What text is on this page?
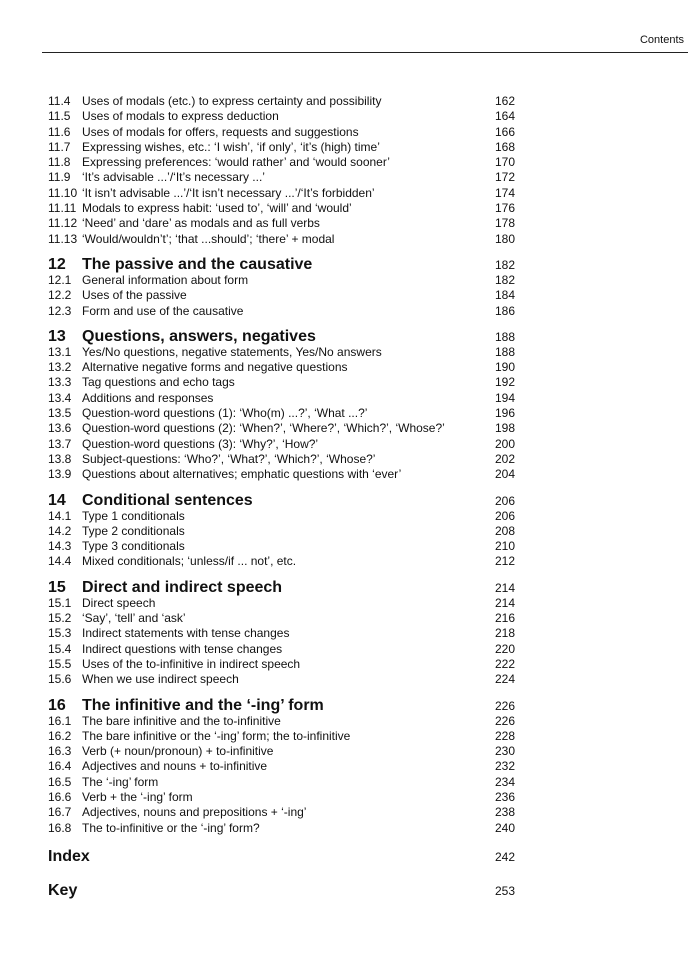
Contents
11.4 Uses of modals (etc.) to express certainty and possibility	162
11.5 Uses of modals to express deduction	164
11.6 Uses of modals for offers, requests and suggestions	166
11.7 Expressing wishes, etc.: ‘I wish’, ‘if only’, ‘it’s (high) time’	168
11.8 Expressing preferences: ‘would rather’ and ‘would sooner’	170
11.9 ‘It’s advisable ...’/‘It’s necessary ...’	172
11.10 ‘It isn’t advisable ...’/‘It isn’t necessary ...’/‘It’s forbidden’	174
11.11 Modals to express habit: ‘used to’, ‘will’ and ‘would’	176
11.12 ‘Need’ and ‘dare’ as modals and as full verbs	178
11.13 ‘Would/wouldn’t’; ‘that ...should’; ‘there’ + modal	180
12	The passive and the causative	182
12.1 General information about form	182
12.2 Uses of the passive	184
12.3 Form and use of the causative	186
13	Questions, answers, negatives	188
13.1 Yes/No questions, negative statements, Yes/No answers	188
13.2 Alternative negative forms and negative questions	190
13.3 Tag questions and echo tags	192
13.4 Additions and responses	194
13.5 Question-word questions (1): ‘Who(m) ...?’, ‘What ...?’	196
13.6 Question-word questions (2): ‘When?’, ‘Where?’, ‘Which?’, ‘Whose?’	198
13.7 Question-word questions (3): ‘Why?’, ‘How?’	200
13.8 Subject-questions: ‘Who?’, ‘What?’, ‘Which?’, ‘Whose?’	202
13.9 Questions about alternatives; emphatic questions with ‘ever’	204
14	Conditional sentences	206
14.1 Type 1 conditionals	206
14.2 Type 2 conditionals	208
14.3 Type 3 conditionals	210
14.4 Mixed conditionals; ‘unless/if ... not’, etc.	212
15	Direct and indirect speech	214
15.1 Direct speech	214
15.2 ‘Say’, ‘tell’ and ‘ask’	216
15.3 Indirect statements with tense changes	218
15.4 Indirect questions with tense changes	220
15.5 Uses of the to-infinitive in indirect speech	222
15.6 When we use indirect speech	224
16	The infinitive and the ‘-ing’ form	226
16.1 The bare infinitive and the to-infinitive	226
16.2 The bare infinitive or the ‘-ing’ form; the to-infinitive	228
16.3 Verb (+ noun/pronoun) + to-infinitive	230
16.4 Adjectives and nouns + to-infinitive	232
16.5 The ‘-ing’ form	234
16.6 Verb + the ‘-ing’ form	236
16.7 Adjectives, nouns and prepositions + ‘-ing’	238
16.8 The to-infinitive or the ‘-ing’ form?	240
Index	242
Key	253
